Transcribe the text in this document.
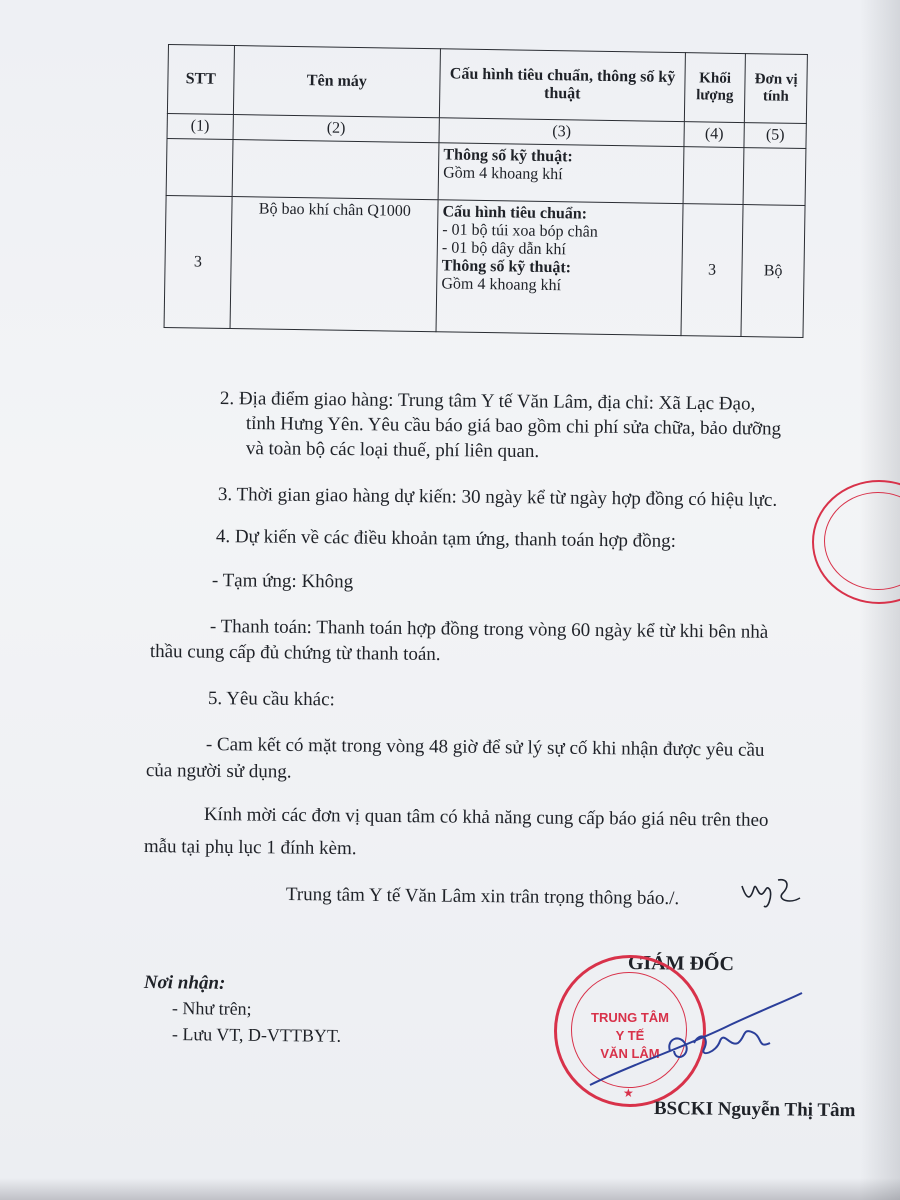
STT	Tên máy	Cấu hình tiêu chuẩn, thông số kỹ thuật	Khối lượng	Đơn vị tính
(1)	(2)	(3)	(4)	(5)

		Thông số kỹ thuật:
Gồm 4 khoang khí		

3	Bộ bao khí chân Q1000	Cấu hình tiêu chuẩn:
- 01 bộ túi xoa bóp chân
- 01 bộ dây dẫn khí
Thông số kỹ thuật:
Gồm 4 khoang khí	3	Bộ
2. Địa điểm giao hàng: Trung tâm Y tế Văn Lâm, địa chỉ: Xã Lạc Đạo,
tỉnh Hưng Yên. Yêu cầu báo giá bao gồm chi phí sửa chữa, bảo dưỡng
và toàn bộ các loại thuế, phí liên quan.
3. Thời gian giao hàng dự kiến: 30 ngày kể từ ngày hợp đồng có hiệu lực.
4. Dự kiến về các điều khoản tạm ứng, thanh toán hợp đồng:
- Tạm ứng: Không
- Thanh toán: Thanh toán hợp đồng trong vòng 60 ngày kể từ khi bên nhà
thầu cung cấp đủ chứng từ thanh toán.
5. Yêu cầu khác:
- Cam kết có mặt trong vòng 48 giờ để sử lý sự cố khi nhận được yêu cầu
của người sử dụng.
Kính mời các đơn vị quan tâm có khả năng cung cấp báo giá nêu trên theo
mẫu tại phụ lục 1 đính kèm.
Trung tâm Y tế Văn Lâm xin trân trọng thông báo./.
Nơi nhận:
- Như trên;
- Lưu VT, D-VTTBYT.
GIÁM ĐỐC
TRUNG TÂM
Y TẾ
VĂN LÂM
★
BSCKI Nguyễn Thị Tâm
